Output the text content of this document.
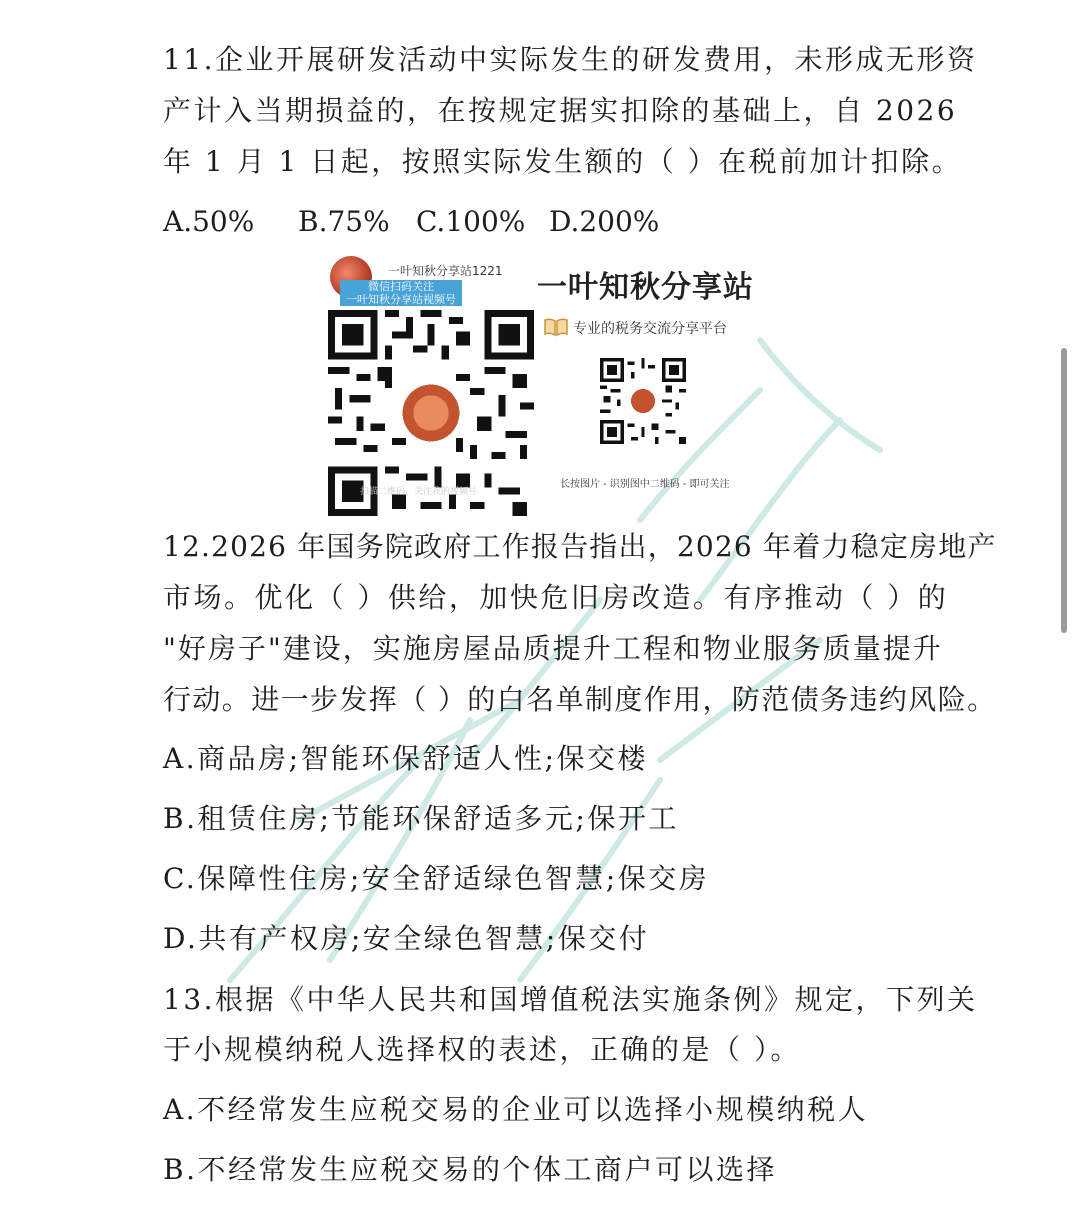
11.企业开展研发活动中实际发生的研发费用，未形成无形资
产计入当期损益的，在按规定据实扣除的基础上，自 2026
年 1 月 1 日起，按照实际发生额的（ ）在税前加计扣除。
A.50% B.75% C.100% D.200%
一叶知秋分享站1221
微信扫码关注
一叶知秋分享站视频号
扫描二维码，关注我的视频号
一叶知秋分享站
专业的税务交流分享平台
长按图片 - 识别图中二维码 - 即可关注
12.2026 年国务院政府工作报告指出，2026 年着力稳定房地产
市场。优化（ ）供给，加快危旧房改造。有序推动（ ）的
"好房子"建设，实施房屋品质提升工程和物业服务质量提升
行动。进一步发挥（ ）的白名单制度作用，防范债务违约风险。
A.商品房;智能环保舒适人性;保交楼
B.租赁住房;节能环保舒适多元;保开工
C.保障性住房;安全舒适绿色智慧;保交房
D.共有产权房;安全绿色智慧;保交付
13.根据《中华人民共和国增值税法实施条例》规定，下列关
于小规模纳税人选择权的表述，正确的是（ ）。
A.不经常发生应税交易的企业可以选择小规模纳税人
B.不经常发生应税交易的个体工商户可以选择
